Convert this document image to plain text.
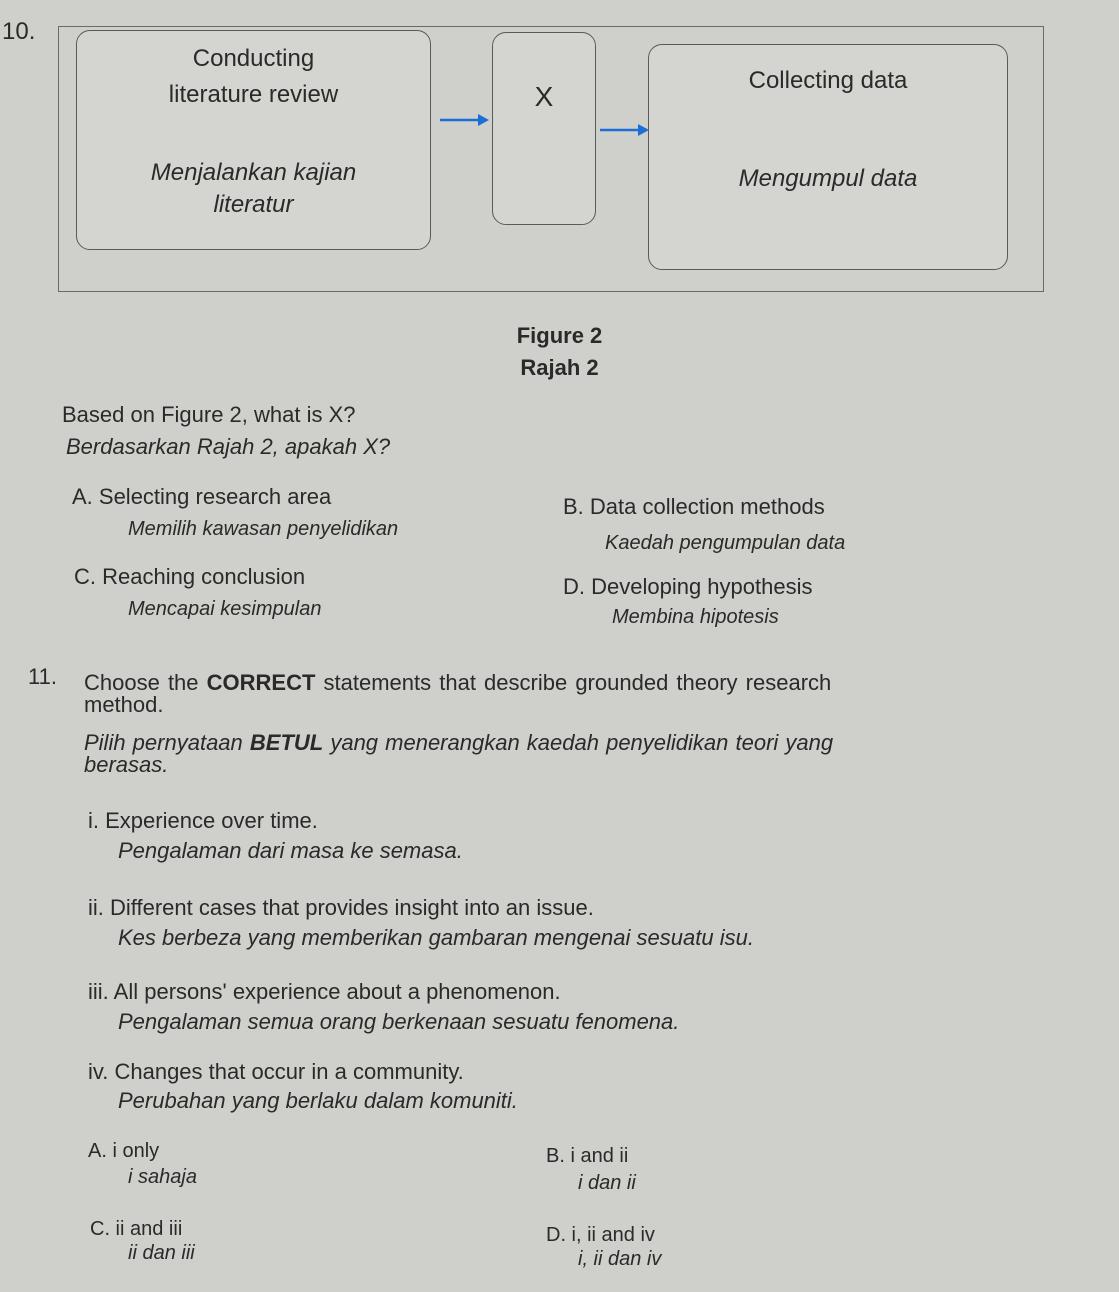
10.
Conducting
literature review
Menjalankan kajian
literatur
X
Collecting data
Mengumpul data
Figure 2
Rajah 2
Based on Figure 2, what is X?
Berdasarkan Rajah 2, apakah X?
A. Selecting research area
Memilih kawasan penyelidikan
B. Data collection methods
Kaedah pengumpulan data
C. Reaching conclusion
Mencapai kesimpulan
D. Developing hypothesis
Membina hipotesis
11. Choose the CORRECT statements that describe grounded theory research
method.
Pilih pernyataan BETUL yang menerangkan kaedah penyelidikan teori yang
berasas.
i. Experience over time.
Pengalaman dari masa ke semasa.
ii. Different cases that provides insight into an issue.
Kes berbeza yang memberikan gambaran mengenai sesuatu isu.
iii. All persons' experience about a phenomenon.
Pengalaman semua orang berkenaan sesuatu fenomena.
iv. Changes that occur in a community.
Perubahan yang berlaku dalam komuniti.
A. i only
i sahaja
B. i and ii
i dan ii
C. ii and iii
ii dan iii
D. i, ii and iv
i, ii dan iv
